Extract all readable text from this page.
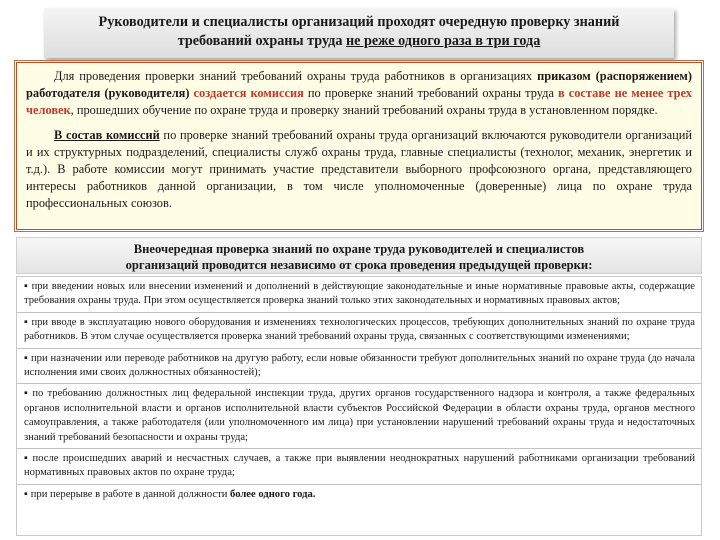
Руководители и специалисты организаций проходят очередную проверку знаний
требований охраны труда не реже одного раза в три года

Для проведения проверки знаний требований охраны труда работников в организациях приказом (распоряжением) работодателя (руководителя) создается комиссия по проверке знаний требований охраны труда в составе не менее трех человек, прошедших обучение по охране труда и проверку знаний требований охраны труда в установленном порядке.

В состав комиссий по проверке знаний требований охраны труда организаций включаются руководители организаций и их структурных подразделений, специалисты служб охраны труда, главные специалисты (технолог, механик, энергетик и т.д.). В работе комиссии могут принимать участие представители выборного профсоюзного органа, представляющего интересы работников данной организации, в том числе уполномоченные (доверенные) лица по охране труда профессиональных союзов.

Внеочередная проверка знаний по охране труда руководителей и специалистов
организаций проводится независимо от срока проведения предыдущей проверки:
▪ при введении новых или внесении изменений и дополнений в действующие законодательные и иные нормативные правовые акты, содержащие требования охраны труда. При этом осуществляется проверка знаний только этих законодательных и нормативных правовых актов;
▪ при вводе в эксплуатацию нового оборудования и изменениях технологических процессов, требующих дополнительных знаний по охране труда работников. В этом случае осуществляется проверка знаний требований охраны труда, связанных с соответствующими изменениями;
▪ при назначении или переводе работников на другую работу, если новые обязанности требуют дополнительных знаний по охране труда (до начала исполнения ими своих должностных обязанностей);
▪ по требованию должностных лиц федеральной инспекции труда, других органов государственного надзора и контроля, а также федеральных органов исполнительной власти и органов исполнительной власти субъектов Российской Федерации в области охраны труда, органов местного самоуправления, а также работодателя (или уполномоченного им лица) при установлении нарушений требований охраны труда и недостаточных знаний требований безопасности и охраны труда;
▪ после происшедших аварий и несчастных случаев, а также при выявлении неоднократных нарушений работниками организации требований нормативных правовых актов по охране труда;
▪ при перерыве в работе в данной должности более одного года.
